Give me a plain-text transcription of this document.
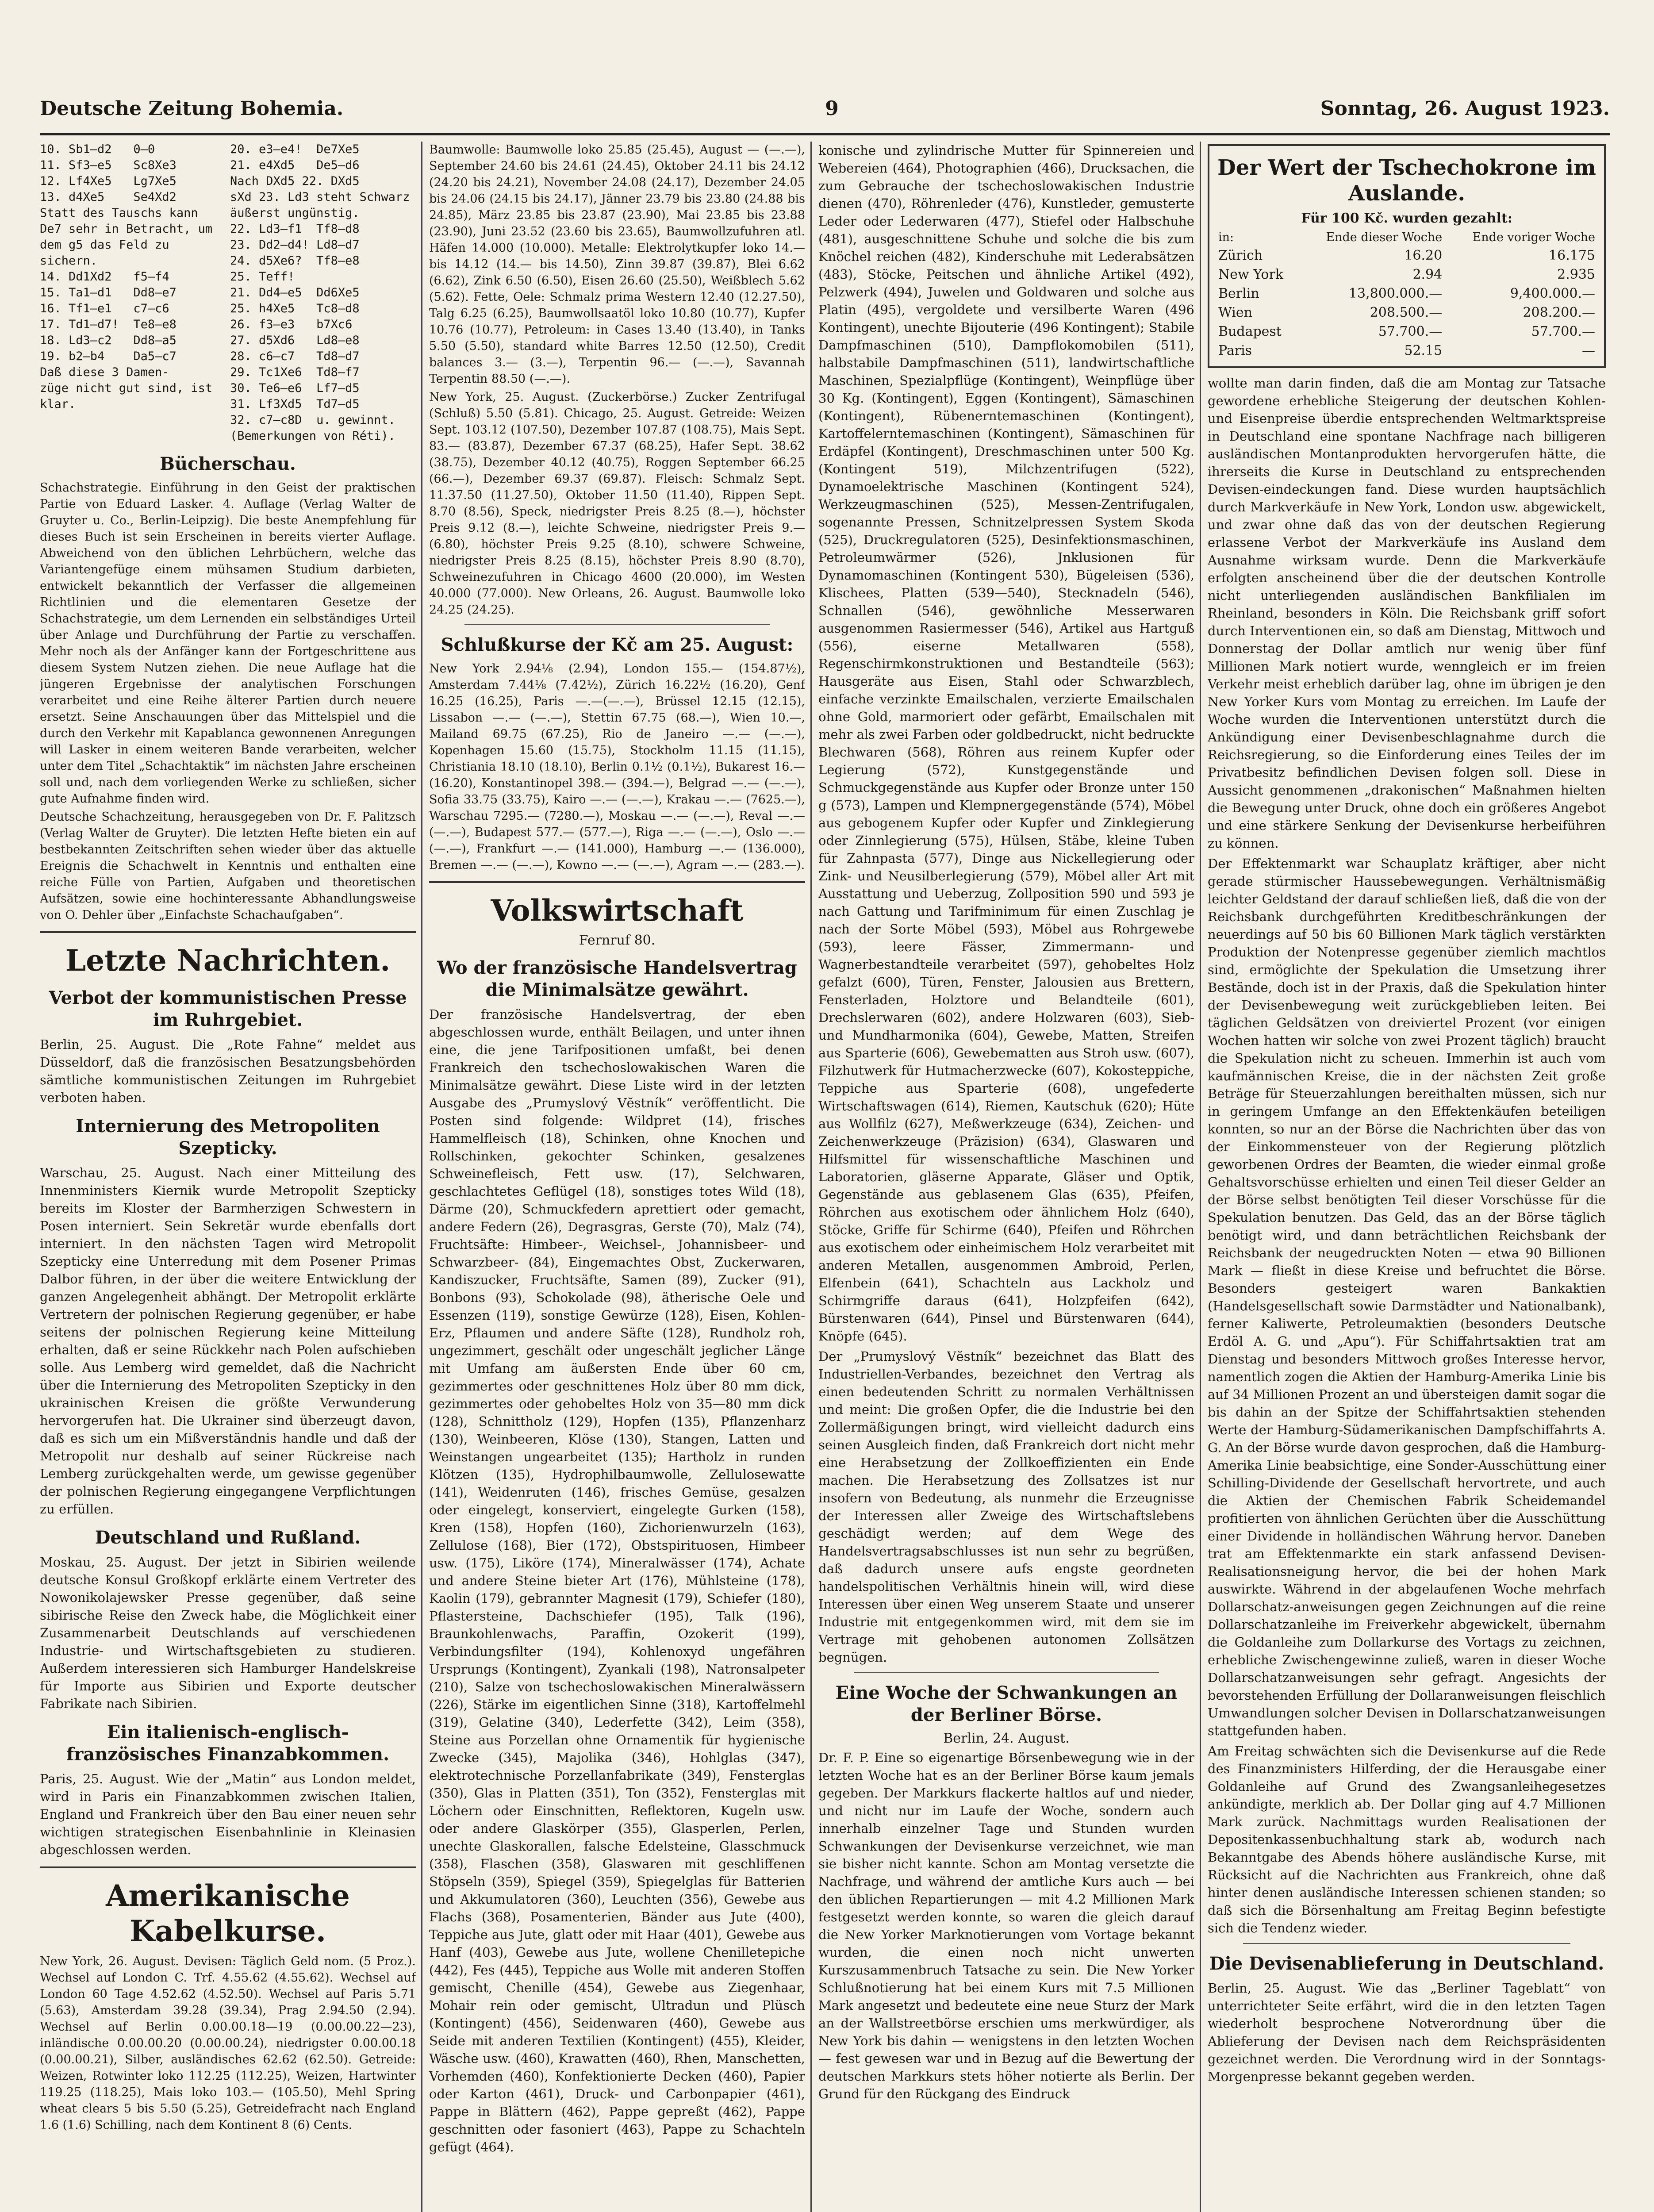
Deutsche Zeitung Bohemia.	9	Sonntag, 26. August 1923.
10. Sb1—d2   0—0
11. Sf3—e5   Sc8Xe3
12. Lf4Xe5   Lg7Xe5
13. d4Xe5    Se4Xd2
Statt des Tauschs kann
De7 sehr in Betracht, um
dem g5 das Feld zu
sichern.
14. Dd1Xd2   f5—f4
15. Ta1—d1   Dd8—e7
16. Tf1—e1   c7—c6
17. Td1—d7!  Te8—e8
18. Ld3—c2   Dd8—a5
19. b2—b4    Da5—c7
Daß diese 3 Damen-
züge nicht gut sind, ist
klar.
20. e3—e4!  De7Xe5
21. e4Xd5   De5—d6
Nach DXd5 22. DXd5
sXd 23. Ld3 steht Schwarz
äußerst ungünstig.
22. Ld3—f1  Tf8—d8
23. Dd2—d4! Ld8—d7
24. d5Xe6?  Tf8—e8
25. Teff!
21. Dd4—e5  Dd6Xe5
25. h4Xe5   Tc8—d8
26. f3—e3   b7Xc6
27. d5Xd6   Ld8—e8
28. c6—c7   Td8—d7
29. Tc1Xe6  Td8—f7
30. Te6—e6  Lf7—d5
31. Lf3Xd5  Td7—d5
32. c7—c8D  u. gewinnt.
(Bemerkungen von Réti).
Bücherschau.

Schachstrategie. Einführung in den Geist der praktischen Partie von Eduard Lasker. 4. Auflage (Verlag Walter de Gruyter u. Co., Berlin-Leipzig). Die beste Anempfehlung für dieses Buch ist sein Erscheinen in bereits vierter Auflage. Abweichend von den üblichen Lehrbüchern, welche das Variantengefüge einem mühsamen Studium darbieten, entwickelt bekanntlich der Verfasser die allgemeinen Richtlinien und die elementaren Gesetze der Schachstrategie, um dem Lernenden ein selbständiges Urteil über Anlage und Durchführung der Partie zu verschaffen. Mehr noch als der Anfänger kann der Fortgeschrittene aus diesem System Nutzen ziehen. Die neue Auflage hat die jüngeren Ergebnisse der analytischen Forschungen verarbeitet und eine Reihe älterer Partien durch neuere ersetzt. Seine Anschauungen über das Mittelspiel und die durch den Verkehr mit Kapablanca gewonnenen Anregungen will Lasker in einem weiteren Bande verarbeiten, welcher unter dem Titel „Schachtaktik“ im nächsten Jahre erscheinen soll und, nach dem vorliegenden Werke zu schließen, sicher gute Aufnahme finden wird.

Deutsche Schachzeitung, herausgegeben von Dr. F. Palitzsch (Verlag Walter de Gruyter). Die letzten Hefte bieten ein auf bestbekannten Zeitschriften sehen wieder über das aktuelle Ereignis die Schachwelt in Kenntnis und enthalten eine reiche Fülle von Partien, Aufgaben und theoretischen Aufsätzen, sowie eine hochinteressante Abhandlungsweise von O. Dehler über „Einfachste Schachaufgaben“.

Letzte Nachrichten.
Verbot der kommunistischen Presse im Ruhrgebiet.

Berlin, 25. August. Die „Rote Fahne“ meldet aus Düsseldorf, daß die französischen Besatzungsbehörden sämtliche kommunistischen Zeitungen im Ruhrgebiet verboten haben.

Internierung des Metropoliten Szepticky.

Warschau, 25. August. Nach einer Mitteilung des Innenministers Kiernik wurde Metropolit Szepticky bereits im Kloster der Barmherzigen Schwestern in Posen interniert. Sein Sekretär wurde ebenfalls dort interniert. In den nächsten Tagen wird Metropolit Szepticky eine Unterredung mit dem Posener Primas Dalbor führen, in der über die weitere Entwicklung der ganzen Angelegenheit abhängt. Der Metropolit erklärte Vertretern der polnischen Regierung gegenüber, er habe seitens der polnischen Regierung keine Mitteilung erhalten, daß er seine Rückkehr nach Polen aufschieben solle. Aus Lemberg wird gemeldet, daß die Nachricht über die Internierung des Metropoliten Szepticky in den ukrainischen Kreisen die größte Verwunderung hervorgerufen hat. Die Ukrainer sind überzeugt davon, daß es sich um ein Mißverständnis handle und daß der Metropolit nur deshalb auf seiner Rückreise nach Lemberg zurückgehalten werde, um gewisse gegenüber der polnischen Regierung eingegangene Verpflichtungen zu erfüllen.

Deutschland und Rußland.

Moskau, 25. August. Der jetzt in Sibirien weilende deutsche Konsul Großkopf erklärte einem Vertreter des Nowonikolajewsker Presse gegenüber, daß seine sibirische Reise den Zweck habe, die Möglichkeit einer Zusammenarbeit Deutschlands auf verschiedenen Industrie- und Wirtschaftsgebieten zu studieren. Außerdem interessieren sich Hamburger Handelskreise für Importe aus Sibirien und Exporte deutscher Fabrikate nach Sibirien.

Ein italienisch-englisch-französisches Finanzabkommen.

Paris, 25. August. Wie der „Matin“ aus London meldet, wird in Paris ein Finanzabkommen zwischen Italien, England und Frankreich über den Bau einer neuen sehr wichtigen strategischen Eisenbahnlinie in Kleinasien abgeschlossen werden.

Amerikanische Kabelkurse.

New York, 26. August. Devisen: Täglich Geld nom. (5 Proz.). Wechsel auf London C. Trf. 4.55.62 (4.55.62). Wechsel auf London 60 Tage 4.52.62 (4.52.50). Wechsel auf Paris 5.71 (5.63), Amsterdam 39.28 (39.34), Prag 2.94.50 (2.94). Wechsel auf Berlin 0.00.00.18—19 (0.00.00.22—23), inländische 0.00.00.20 (0.00.00.24), niedrigster 0.00.00.18 (0.00.00.21), Silber, ausländisches 62.62 (62.50). Getreide: Weizen, Rotwinter loko 112.25 (112.25), Weizen, Hartwinter 119.25 (118.25), Mais loko 103.— (105.50), Mehl Spring wheat clears 5 bis 5.50 (5.25), Getreidefracht nach England 1.6 (1.6) Schilling, nach dem Kontinent 8 (6) Cents.

Baumwolle: Baumwolle loko 25.85 (25.45), August — (—.—), September 24.60 bis 24.61 (24.45), Oktober 24.11 bis 24.12 (24.20 bis 24.21), November 24.08 (24.17), Dezember 24.05 bis 24.06 (24.15 bis 24.17), Jänner 23.79 bis 23.80 (24.88 bis 24.85), März 23.85 bis 23.87 (23.90), Mai 23.85 bis 23.88 (23.90), Juni 23.52 (23.60 bis 23.65), Baumwollzufuhren atl. Häfen 14.000 (10.000). Metalle: Elektrolytkupfer loko 14.— bis 14.12 (14.— bis 14.50), Zinn 39.87 (39.87), Blei 6.62 (6.62), Zink 6.50 (6.50), Eisen 26.60 (25.50), Weißblech 5.62 (5.62). Fette, Oele: Schmalz prima Western 12.40 (12.27.50), Talg 6.25 (6.25), Baumwollsaatöl loko 10.80 (10.77), Kupfer 10.76 (10.77), Petroleum: in Cases 13.40 (13.40), in Tanks 5.50 (5.50), standard white Barres 12.50 (12.50), Credit balances 3.— (3.—), Terpentin 96.— (—.—), Savannah Terpentin 88.50 (—.—).

New York, 25. August. (Zuckerbörse.) Zucker Zentrifugal (Schluß) 5.50 (5.81). Chicago, 25. August. Getreide: Weizen Sept. 103.12 (107.50), Dezember 107.87 (108.75), Mais Sept. 83.— (83.87), Dezember 67.37 (68.25), Hafer Sept. 38.62 (38.75), Dezember 40.12 (40.75), Roggen September 66.25 (66.—), Dezember 69.37 (69.87). Fleisch: Schmalz Sept. 11.37.50 (11.27.50), Oktober 11.50 (11.40), Rippen Sept. 8.70 (8.56), Speck, niedrigster Preis 8.25 (8.—), höchster Preis 9.12 (8.—), leichte Schweine, niedrigster Preis 9.— (6.80), höchster Preis 9.25 (8.10), schwere Schweine, niedrigster Preis 8.25 (8.15), höchster Preis 8.90 (8.70), Schweinezufuhren in Chicago 4600 (20.000), im Westen 40.000 (77.000). New Orleans, 26. August. Baumwolle loko 24.25 (24.25).

Schlußkurse der Kč am 25. August:

New York 2.94⅛ (2.94), London 155.— (154.87½), Amsterdam 7.44⅛ (7.42½), Zürich 16.22½ (16.20), Genf 16.25 (16.25), Paris —.—(—.—), Brüssel 12.15 (12.15), Lissabon —.— (—.—), Stettin 67.75 (68.—), Wien 10.—, Mailand 69.75 (67.25), Rio de Janeiro —.— (—.—), Kopenhagen 15.60 (15.75), Stockholm 11.15 (11.15), Christiania 18.10 (18.10), Berlin 0.1½ (0.1½), Bukarest 16.— (16.20), Konstantinopel 398.— (394.—), Belgrad —.— (—.—), Sofia 33.75 (33.75), Kairo —.— (—.—), Krakau —.— (7625.—), Warschau 7295.— (7280.—), Moskau —.— (—.—), Reval —.— (—.—), Budapest 577.— (577.—), Riga —.— (—.—), Oslo —.— (—.—), Frankfurt —.— (141.000), Hamburg —.— (136.000), Bremen —.— (—.—), Kowno —.— (—.—), Agram —.— (283.—).

Volkswirtschaft
Fernruf 80.
Wo der französische Handelsvertrag die Minimalsätze gewährt.

Der französische Handelsvertrag, der eben abgeschlossen wurde, enthält Beilagen, und unter ihnen eine, die jene Tarifpositionen umfaßt, bei denen Frankreich den tschechoslowakischen Waren die Minimalsätze gewährt. Diese Liste wird in der letzten Ausgabe des „Prumyslový Vĕstník“ veröffentlicht. Die Posten sind folgende: Wildpret (14), frisches Hammelfleisch (18), Schinken, ohne Knochen und Rollschinken, gekochter Schinken, gesalzenes Schweinefleisch, Fett usw. (17), Selchwaren, geschlachtetes Geflügel (18), sonstiges totes Wild (18), Därme (20), Schmuckfedern aprettiert oder gemacht, andere Federn (26), Degrasgras, Gerste (70), Malz (74), Fruchtsäfte: Himbeer-, Weichsel-, Johannisbeer- und Schwarzbeer- (84), Eingemachtes Obst, Zuckerwaren, Kandiszucker, Fruchtsäfte, Samen (89), Zucker (91), Bonbons (93), Schokolade (98), ätherische Oele und Essenzen (119), sonstige Gewürze (128), Eisen, Kohlen-Erz, Pflaumen und andere Säfte (128), Rundholz roh, ungezimmert, geschält oder ungeschält jeglicher Länge mit Umfang am äußersten Ende über 60 cm, gezimmertes oder geschnittenes Holz über 80 mm dick, gezimmertes oder gehobeltes Holz von 35—80 mm dick (128), Schnittholz (129), Hopfen (135), Pflanzenharz (130), Weinbeeren, Klöse (130), Stangen, Latten und Weinstangen ungearbeitet (135); Hartholz in runden Klötzen (135), Hydrophilbaumwolle, Zellulosewatte (141), Weidenruten (146), frisches Gemüse, gesalzen oder eingelegt, konserviert, eingelegte Gurken (158), Kren (158), Hopfen (160), Zichorienwurzeln (163), Zellulose (168), Bier (172), Obstspirituosen, Himbeer usw. (175), Liköre (174), Mineralwässer (174), Achate und andere Steine bieter Art (176), Mühlsteine (178), Kaolin (179), gebrannter Magnesit (179), Schiefer (180), Pflastersteine, Dachschiefer (195), Talk (196), Braunkohlenwachs, Paraffin, Ozokerit (199), Verbindungsfilter (194), Kohlenoxyd ungefähren Ursprungs (Kontingent), Zyankali (198), Natronsalpeter (210), Salze von tschechoslowakischen Mineralwässern (226), Stärke im eigentlichen Sinne (318), Kartoffelmehl (319), Gelatine (340), Lederfette (342), Leim (358), Steine aus Porzellan ohne Ornamentik für hygienische Zwecke (345), Majolika (346), Hohlglas (347), elektrotechnische Porzellanfabrikate (349), Fensterglas (350), Glas in Platten (351), Ton (352), Fensterglas mit Löchern oder Einschnitten, Reflektoren, Kugeln usw. oder andere Glaskörper (355), Glasperlen, Perlen, unechte Glaskorallen, falsche Edelsteine, Glasschmuck (358), Flaschen (358), Glaswaren mit geschliffenen Stöpseln (359), Spiegel (359), Spiegelglas für Batterien und Akkumulatoren (360), Leuchten (356), Gewebe aus Flachs (368), Posamenterien, Bänder aus Jute (400), Teppiche aus Jute, glatt oder mit Haar (401), Gewebe aus Hanf (403), Gewebe aus Jute, wollene Chenilletepiche (442), Fes (445), Teppiche aus Wolle mit anderen Stoffen gemischt, Chenille (454), Gewebe aus Ziegenhaar, Mohair rein oder gemischt, Ultradun und Plüsch (Kontingent) (456), Seidenwaren (460), Gewebe aus Seide mit anderen Textilien (Kontingent) (455), Kleider, Wäsche usw. (460), Krawatten (460), Rhen, Manschetten, Vorhemden (460), Konfektionierte Decken (460), Papier oder Karton (461), Druck- und Carbonpapier (461), Pappe in Blättern (462), Pappe gepreßt (462), Pappe geschnitten oder fasoniert (463), Pappe zu Schachteln gefügt (464).

konische und zylindrische Mutter für Spinnereien und Webereien (464), Photographien (466), Drucksachen, die zum Gebrauche der tschechoslowakischen Industrie dienen (470), Röhrenleder (476), Kunstleder, gemusterte Leder oder Lederwaren (477), Stiefel oder Halbschuhe (481), ausgeschnittene Schuhe und solche die bis zum Knöchel reichen (482), Kinderschuhe mit Lederabsätzen (483), Stöcke, Peitschen und ähnliche Artikel (492), Pelzwerk (494), Juwelen und Goldwaren und solche aus Platin (495), vergoldete und versilberte Waren (496 Kontingent), unechte Bijouterie (496 Kontingent); Stabile Dampfmaschinen (510), Dampflokomobilen (511), halbstabile Dampfmaschinen (511), landwirtschaftliche Maschinen, Spezialpflüge (Kontingent), Weinpflüge über 30 Kg. (Kontingent), Eggen (Kontingent), Sämaschinen (Kontingent), Rübenerntemaschinen (Kontingent), Kartoffelerntemaschinen (Kontingent), Sämaschinen für Erdäpfel (Kontingent), Dreschmaschinen unter 500 Kg. (Kontingent 519), Milchzentrifugen (522), Dynamoelektrische Maschinen (Kontingent 524), Werkzeugmaschinen (525), Messen-Zentrifugalen, sogenannte Pressen, Schnitzelpressen System Skoda (525), Druckregulatoren (525), Desinfektionsmaschinen, Petroleumwärmer (526), Jnklusionen für Dynamomaschinen (Kontingent 530), Bügeleisen (536), Klischees, Platten (539—540), Stecknadeln (546), Schnallen (546), gewöhnliche Messerwaren ausgenommen Rasiermesser (546), Artikel aus Hartguß (556), eiserne Metallwaren (558), Regenschirmkonstruktionen und Bestandteile (563); Hausgeräte aus Eisen, Stahl oder Schwarzblech, einfache verzinkte Emailschalen, verzierte Emailschalen ohne Gold, marmoriert oder gefärbt, Emailschalen mit mehr als zwei Farben oder goldbedruckt, nicht bedruckte Blechwaren (568), Röhren aus reinem Kupfer oder Legierung (572), Kunstgegenstände und Schmuckgegenstände aus Kupfer oder Bronze unter 150 g (573), Lampen und Klempnergegenstände (574), Möbel aus gebogenem Kupfer oder Kupfer und Zinklegierung oder Zinnlegierung (575), Hülsen, Stäbe, kleine Tuben für Zahnpasta (577), Dinge aus Nickellegierung oder Zink- und Neusilberlegierung (579), Möbel aller Art mit Ausstattung und Ueberzug, Zollposition 590 und 593 je nach Gattung und Tarifminimum für einen Zuschlag je nach der Sorte Möbel (593), Möbel aus Rohrgewebe (593), leere Fässer, Zimmermann- und Wagnerbestandteile verarbeitet (597), gehobeltes Holz gefalzt (600), Türen, Fenster, Jalousien aus Brettern, Fensterladen, Holztore und Belandteile (601), Drechslerwaren (602), andere Holzwaren (603), Sieb- und Mundharmonika (604), Gewebe, Matten, Streifen aus Sparterie (606), Gewebematten aus Stroh usw. (607), Filzhutwerk für Hutmacherzwecke (607), Kokosteppiche, Teppiche aus Sparterie (608), ungefederte Wirtschaftswagen (614), Riemen, Kautschuk (620); Hüte aus Wollfilz (627), Meßwerkzeuge (634), Zeichen- und Zeichenwerkzeuge (Präzision) (634), Glaswaren und Hilfsmittel für wissenschaftliche Maschinen und Laboratorien, gläserne Apparate, Gläser und Optik, Gegenstände aus geblasenem Glas (635), Pfeifen, Röhrchen aus exotischem oder ähnlichem Holz (640), Stöcke, Griffe für Schirme (640), Pfeifen und Röhrchen aus exotischem oder einheimischem Holz verarbeitet mit anderen Metallen, ausgenommen Ambroid, Perlen, Elfenbein (641), Schachteln aus Lackholz und Schirmgriffe daraus (641), Holzpfeifen (642), Bürstenwaren (644), Pinsel und Bürstenwaren (644), Knöpfe (645).

Der „Prumyslový Vĕstník“ bezeichnet das Blatt des Industriellen-Verbandes, bezeichnet den Vertrag als einen bedeutenden Schritt zu normalen Verhältnissen und meint: Die großen Opfer, die die Industrie bei den Zollermäßigungen bringt, wird vielleicht dadurch eins seinen Ausgleich finden, daß Frankreich dort nicht mehr eine Herabsetzung der Zollkoeffizienten ein Ende machen. Die Herabsetzung des Zollsatzes ist nur insofern von Bedeutung, als nunmehr die Erzeugnisse der Interessen aller Zweige des Wirtschaftslebens geschädigt werden; auf dem Wege des Handelsvertragsabschlusses ist nun sehr zu begrüßen, daß dadurch unsere aufs engste geordneten handelspolitischen Verhältnis hinein will, wird diese Interessen über einen Weg unserem Staate und unserer Industrie mit entgegenkommen wird, mit dem sie im Vertrage mit gehobenen autonomen Zollsätzen begnügen.

Eine Woche der Schwankungen an der Berliner Börse.
Berlin, 24. August.

Dr. F. P. Eine so eigenartige Börsenbewegung wie in der letzten Woche hat es an der Berliner Börse kaum jemals gegeben. Der Markkurs flackerte haltlos auf und nieder, und nicht nur im Laufe der Woche, sondern auch innerhalb einzelner Tage und Stunden wurden Schwankungen der Devisenkurse verzeichnet, wie man sie bisher nicht kannte. Schon am Montag versetzte die Nachfrage, und während der amtliche Kurs auch — bei den üblichen Repartierungen — mit 4.2 Millionen Mark festgesetzt werden konnte, so waren die gleich darauf die New Yorker Marknotierungen vom Vortage bekannt wurden, die einen noch nicht unwerten Kurszusammenbruch Tatsache zu sein. Die New Yorker Schlußnotierung hat bei einem Kurs mit 7.5 Millionen Mark angesetzt und bedeutete eine neue Sturz der Mark an der Wallstreetbörse erschien ums merkwürdiger, als New York bis dahin — wenigstens in den letzten Wochen — fest gewesen war und in Bezug auf die Bewertung der deutschen Markkurs stets höher notierte als Berlin. Der Grund für den Rückgang des Eindruck

Der Wert der Tschechokrone im Auslande.
Für 100 Kč. wurden gezahlt:
in:	Ende dieser Woche	Ende voriger Woche
Zürich	16.20	16.175
New York	2.94	2.935
Berlin	13,800.000.—	9,400.000.—
Wien	208.500.—	208.200.—
Budapest	57.700.—	57.700.—
Paris	52.15	—

wollte man darin finden, daß die am Montag zur Tatsache gewordene erhebliche Steigerung der deutschen Kohlen- und Eisenpreise überdie entsprechenden Weltmarktspreise in Deutschland eine spontane Nachfrage nach billigeren ausländischen Montanprodukten hervorgerufen hätte, die ihrerseits die Kurse in Deutschland zu entsprechenden Devisen-eindeckungen fand. Diese wurden hauptsächlich durch Markverkäufe in New York, London usw. abgewickelt, und zwar ohne daß das von der deutschen Regierung erlassene Verbot der Markverkäufe ins Ausland dem Ausnahme wirksam wurde. Denn die Markverkäufe erfolgten anscheinend über die der deutschen Kontrolle nicht unterliegenden ausländischen Bankfilialen im Rheinland, besonders in Köln. Die Reichsbank griff sofort durch Interventionen ein, so daß am Dienstag, Mittwoch und Donnerstag der Dollar amtlich nur wenig über fünf Millionen Mark notiert wurde, wenngleich er im freien Verkehr meist erheblich darüber lag, ohne im übrigen je den New Yorker Kurs vom Montag zu erreichen. Im Laufe der Woche wurden die Interventionen unterstützt durch die Ankündigung einer Devisenbeschlagnahme durch die Reichsregierung, so die Einforderung eines Teiles der im Privatbesitz befindlichen Devisen folgen soll. Diese in Aussicht genommenen „drakonischen“ Maßnahmen hielten die Bewegung unter Druck, ohne doch ein größeres Angebot und eine stärkere Senkung der Devisenkurse herbeiführen zu können.

Der Effektenmarkt war Schauplatz kräftiger, aber nicht gerade stürmischer Haussebewegungen. Verhältnismäßig leichter Geldstand der darauf schließen ließ, daß die von der Reichsbank durchgeführten Kreditbeschränkungen der neuerdings auf 50 bis 60 Billionen Mark täglich verstärkten Produktion der Notenpresse gegenüber ziemlich machtlos sind, ermöglichte der Spekulation die Umsetzung ihrer Bestände, doch ist in der Praxis, daß die Spekulation hinter der Devisenbewegung weit zurückgeblieben leiten. Bei täglichen Geldsätzen von dreiviertel Prozent (vor einigen Wochen hatten wir solche von zwei Prozent täglich) braucht die Spekulation nicht zu scheuen. Immerhin ist auch vom kaufmännischen Kreise, die in der nächsten Zeit große Beträge für Steuerzahlungen bereithalten müssen, sich nur in geringem Umfange an den Effektenkäufen beteiligen konnten, so nur an der Börse die Nachrichten über das von der Einkommensteuer von der Regierung plötzlich geworbenen Ordres der Beamten, die wieder einmal große Gehaltsvorschüsse erhielten und einen Teil dieser Gelder an der Börse selbst benötigten Teil dieser Vorschüsse für die Spekulation benutzen. Das Geld, das an der Börse täglich benötigt wird, und dann beträchtlichen Reichsbank der Reichsbank der neugedruckten Noten — etwa 90 Billionen Mark — fließt in diese Kreise und befruchtet die Börse. Besonders gesteigert waren Bankaktien (Handelsgesellschaft sowie Darmstädter und Nationalbank), ferner Kaliwerte, Petroleumaktien (besonders Deutsche Erdöl A. G. und „Apu“). Für Schiffahrtsaktien trat am Dienstag und besonders Mittwoch großes Interesse hervor, namentlich zogen die Aktien der Hamburg-Amerika Linie bis auf 34 Millionen Prozent an und übersteigen damit sogar die bis dahin an der Spitze der Schiffahrtsaktien stehenden Werte der Hamburg-Südamerikanischen Dampfschiffahrts A. G. An der Börse wurde davon gesprochen, daß die Hamburg-Amerika Linie beabsichtige, eine Sonder-Ausschüttung einer Schilling-Dividende der Gesellschaft hervortrete, und auch die Aktien der Chemischen Fabrik Scheidemandel profitierten von ähnlichen Gerüchten über die Ausschüttung einer Dividende in holländischen Währung hervor. Daneben trat am Effektenmarkte ein stark anfassend Devisen-Realisationsneigung hervor, die bei der hohen Mark auswirkte. Während in der abgelaufenen Woche mehrfach Dollarschatz-anweisungen gegen Zeichnungen auf die reine Dollarschatzanleihe im Freiverkehr abgewickelt, übernahm die Goldanleihe zum Dollarkurse des Vortags zu zeichnen, erhebliche Zwischengewinne zuließ, waren in dieser Woche Dollarschatzanweisungen sehr gefragt. Angesichts der bevorstehenden Erfüllung der Dollaranweisungen fleischlich Umwandlungen solcher Devisen in Dollarschatzanweisungen stattgefunden haben.

Am Freitag schwächten sich die Devisenkurse auf die Rede des Finanzministers Hilferding, der die Herausgabe einer Goldanleihe auf Grund des Zwangsanleihegesetzes ankündigte, merklich ab. Der Dollar ging auf 4.7 Millionen Mark zurück. Nachmittags wurden Realisationen der Depositenkassenbuchhaltung stark ab, wodurch nach Bekanntgabe des Abends höhere ausländische Kurse, mit Rücksicht auf die Nachrichten aus Frankreich, ohne daß hinter denen ausländische Interessen schienen standen; so daß sich die Börsenhaltung am Freitag Beginn befestigte sich die Tendenz wieder.

Die Devisenablieferung in Deutschland.

Berlin, 25. August. Wie das „Berliner Tageblatt“ von unterrichteter Seite erfährt, wird die in den letzten Tagen wiederholt besprochene Notverordnung über die Ablieferung der Devisen nach dem Reichspräsidenten gezeichnet werden. Die Verordnung wird in der Sonntags-Morgenpresse bekannt gegeben werden.
